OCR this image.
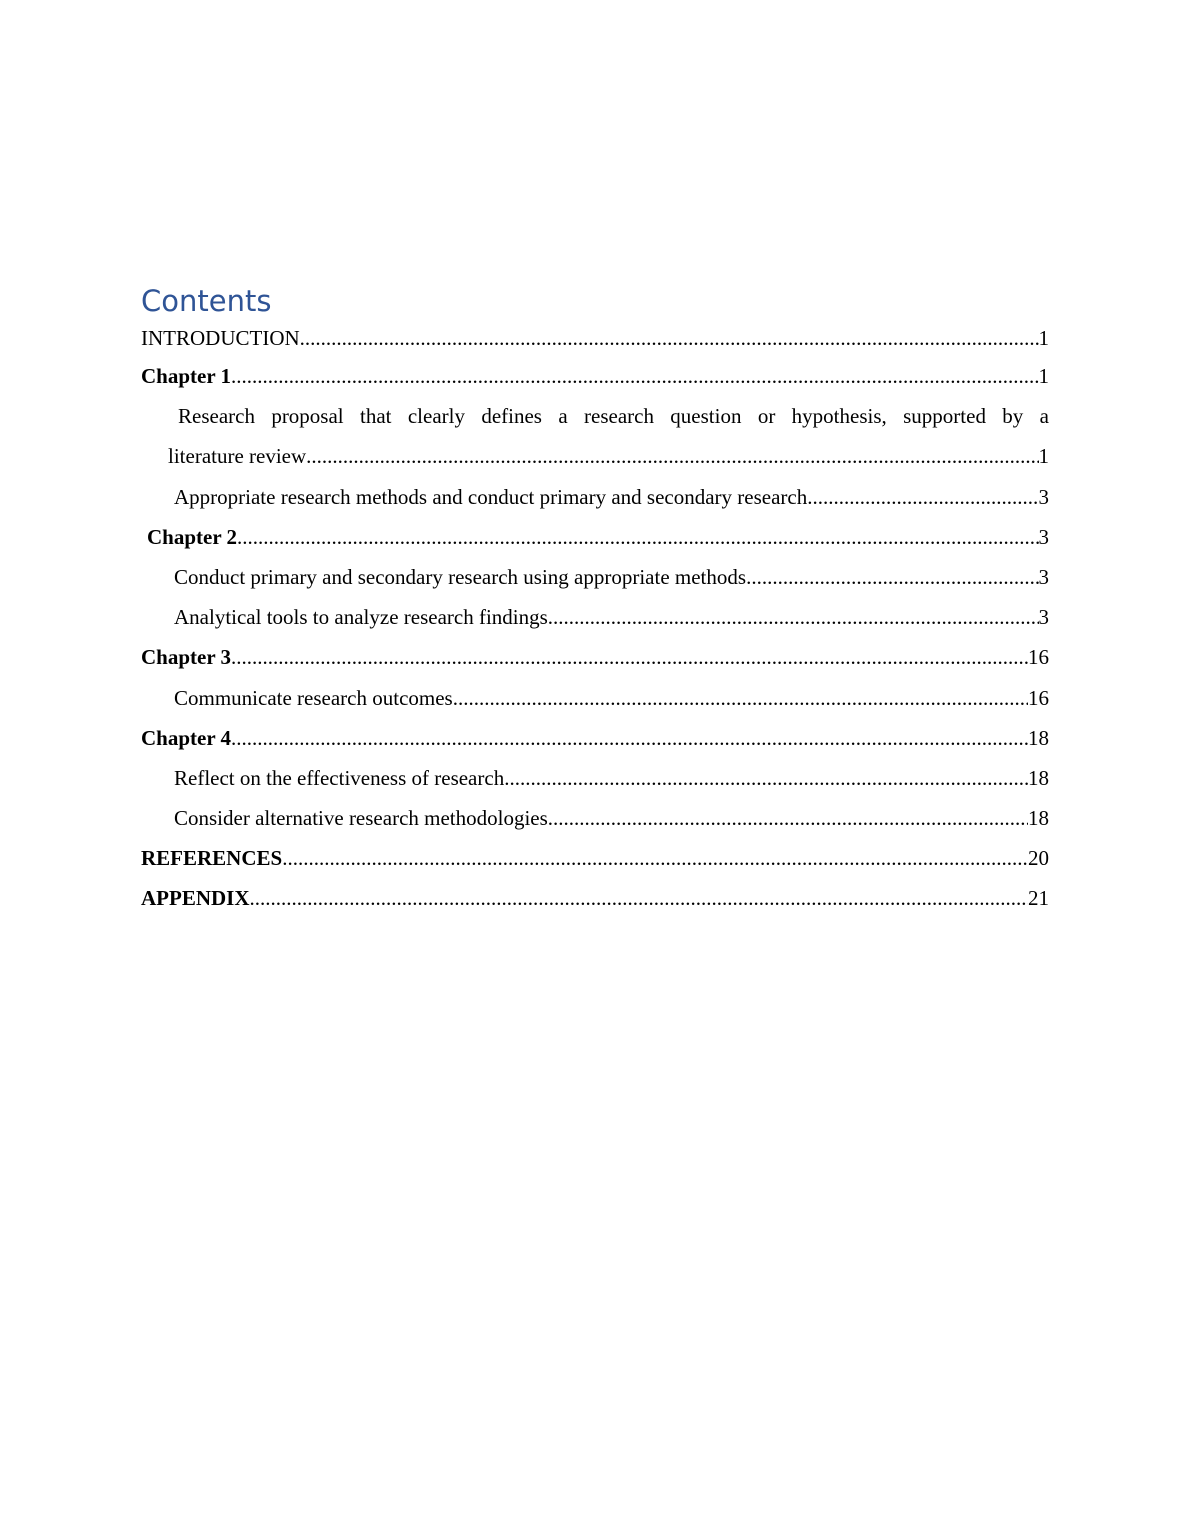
Contents
INTRODUCTION .....	1
Chapter 1 .....	1
Research proposal that clearly defines a research question or hypothesis, supported by a
literature review .....	1
Appropriate research methods and conduct primary and secondary research .....	3
Chapter 2 .....	3
Conduct primary and secondary research using appropriate methods .....	3
Analytical tools to analyze research findings .....	3
Chapter 3 .....	16
Communicate research outcomes .....	16
Chapter 4 .....	18
Reflect on the effectiveness of research .....	18
Consider alternative research methodologies .....	18
REFERENCES .....	20
APPENDIX .....	21
